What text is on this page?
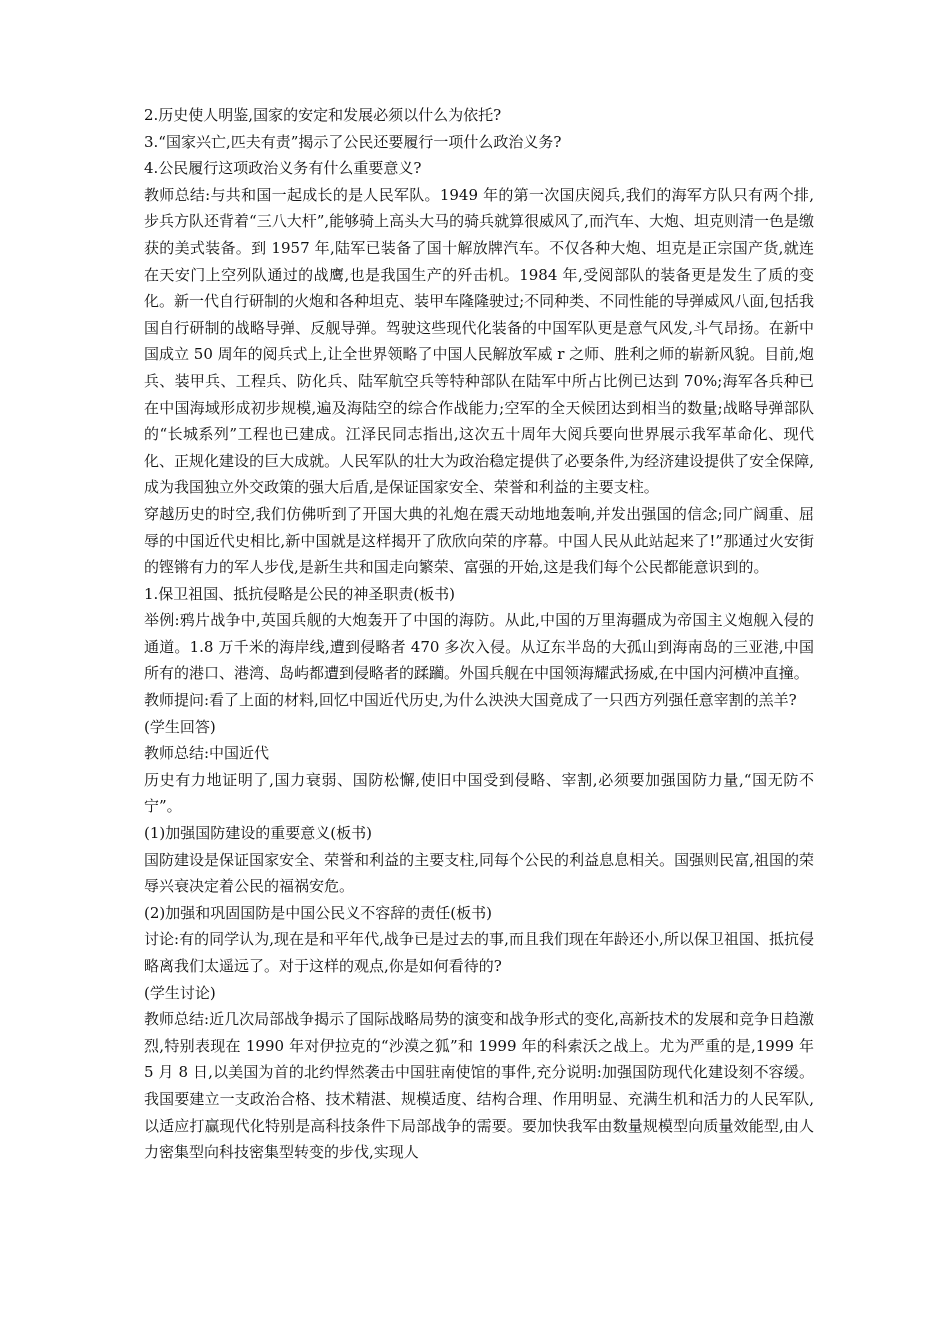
2.历史使人明鉴,国家的安定和发展必须以什么为依托?

3.“国家兴亡,匹夫有责”揭示了公民还要履行一项什么政治义务?

4.公民履行这项政治义务有什么重要意义?

教师总结:与共和国一起成长的是人民军队。1949 年的第一次国庆阅兵,我们的海军方队只有两个排,步兵方队还背着“三八大杆”,能够骑上高头大马的骑兵就算很威风了,而汽车、大炮、坦克则清一色是缴获的美式装备。到 1957 年,陆军已装备了国十解放牌汽车。不仅各种大炮、坦克是正宗国产货,就连在天安门上空列队通过的战鹰,也是我国生产的歼击机。1984 年,受阅部队的装备更是发生了质的变化。新一代自行研制的火炮和各种坦克、装甲车隆隆驶过;不同种类、不同性能的导弹威风八面,包括我国自行研制的战略导弹、反舰导弹。驾驶这些现代化装备的中国军队更是意气风发,斗气昂扬。在新中国成立 50 周年的阅兵式上,让全世界领略了中国人民解放军威 r 之师、胜利之师的崭新风貌。目前,炮兵、装甲兵、工程兵、防化兵、陆军航空兵等特种部队在陆军中所占比例已达到 70%;海军各兵种已在中国海域形成初步规模,遍及海陆空的综合作战能力;空军的全天候团达到相当的数量;战略导弹部队的“长城系列”工程也已建成。江泽民同志指出,这次五十周年大阅兵要向世界展示我军革命化、现代化、正规化建设的巨大成就。人民军队的壮大为政治稳定提供了必要条件,为经济建设提供了安全保障,成为我国独立外交政策的强大后盾,是保证国家安全、荣誉和利益的主要支柱。

穿越历史的时空,我们仿佛听到了开国大典的礼炮在震天动地地轰响,并发出强国的信念;同广阔重、屈辱的中国近代史相比,新中国就是这样揭开了欣欣向荣的序幕。中国人民从此站起来了!”那通过火安街的铿锵有力的军人步伐,是新生共和国走向繁荣、富强的开始,这是我们每个公民都能意识到的。

1.保卫祖国、抵抗侵略是公民的神圣职责(板书)

举例:鸦片战争中,英国兵舰的大炮轰开了中国的海防。从此,中国的万里海疆成为帝国主义炮舰入侵的通道。1.8 万千米的海岸线,遭到侵略者 470 多次入侵。从辽东半岛的大孤山到海南岛的三亚港,中国所有的港口、港湾、岛屿都遭到侵略者的蹂躏。外国兵舰在中国领海耀武扬威,在中国内河横冲直撞。

教师提问:看了上面的材料,回忆中国近代历史,为什么泱泱大国竟成了一只西方列强任意宰割的羔羊?

(学生回答)

教师总结:中国近代

历史有力地证明了,国力衰弱、国防松懈,使旧中国受到侵略、宰割,必须要加强国防力量,“国无防不宁”。

(1)加强国防建设的重要意义(板书)

国防建设是保证国家安全、荣誉和利益的主要支柱,同每个公民的利益息息相关。国强则民富,祖国的荣辱兴衰决定着公民的福祸安危。

(2)加强和巩固国防是中国公民义不容辞的责任(板书)

讨论:有的同学认为,现在是和平年代,战争已是过去的事,而且我们现在年龄还小,所以保卫祖国、抵抗侵略离我们太遥远了。对于这样的观点,你是如何看待的?

(学生讨论)

教师总结:近几次局部战争揭示了国际战略局势的演变和战争形式的变化,高新技术的发展和竞争日趋激烈,特别表现在 1990 年对伊拉克的“沙漠之狐”和 1999 年的科索沃之战上。尤为严重的是,1999 年 5 月 8 日,以美国为首的北约悍然袭击中国驻南使馆的事件,充分说明:加强国防现代化建设刻不容缓。我国要建立一支政治合格、技术精湛、规模适度、结构合理、作用明显、充满生机和活力的人民军队,以适应打赢现代化特别是高科技条件下局部战争的需要。要加快我军由数量规模型向质量效能型,由人力密集型向科技密集型转变的步伐,实现人
